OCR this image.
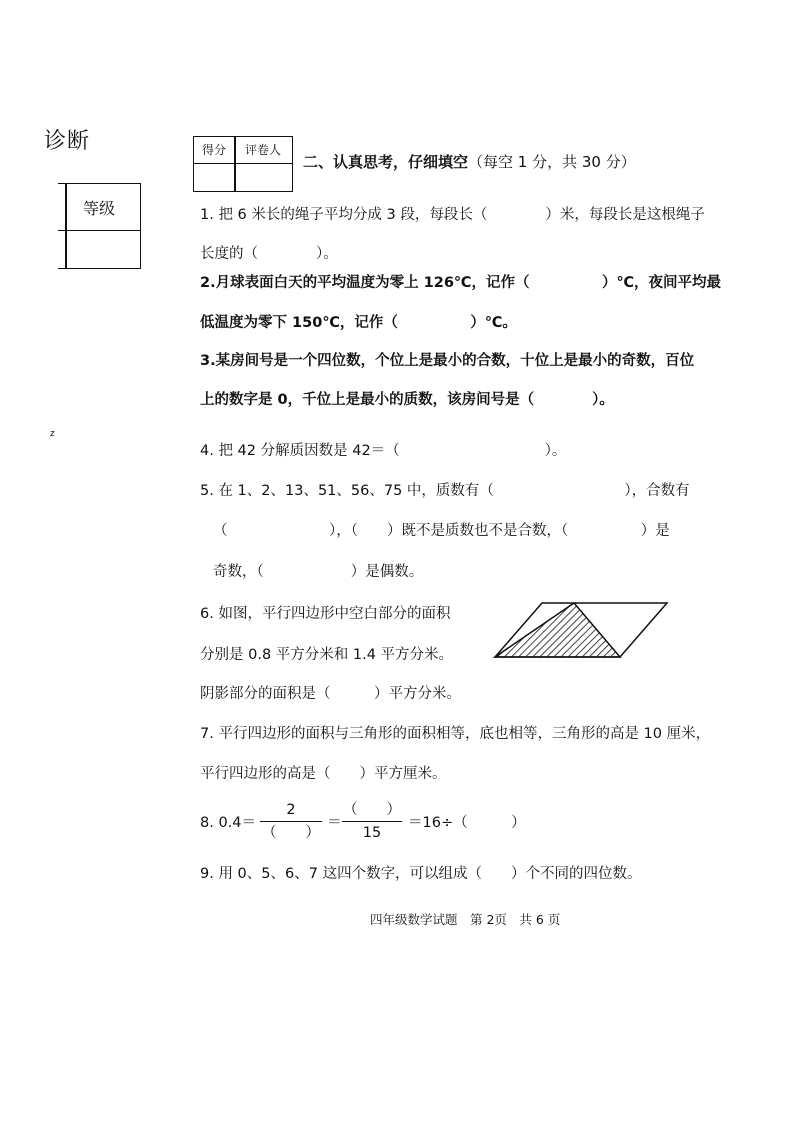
诊断
等级
z
得分	评卷人
二、认真思考，仔细填空（每空 1 分，共 30 分）
1. 把 6 米长的绳子平均分成 3 段，每段长（　　　　）米，每段长是这根绳子
长度的（　　　　）。
2.月球表面白天的平均温度为零上 126℃，记作（　　　　　）℃，夜间平均最
低温度为零下 150℃，记作（　　　　　）℃。
3.某房间号是一个四位数，个位上是最小的合数，十位上是最小的奇数，百位
上的数字是 0，千位上是最小的质数，该房间号是（　　　　）。
4. 把 42 分解质因数是 42＝（　　　　　　　　　　）。
5. 在 1、2、13、51、56、75 中，质数有（　　　　　　　　　），合数有
（　　　　　　　），（　　）既不是质数也不是合数，（　　　　　）是
奇数，（　　　　　　）是偶数。
6. 如图，平行四边形中空白部分的面积
分别是 0.8 平方分米和 1.4 平方分米。
阴影部分的面积是（　　　）平方分米。
7. 平行四边形的面积与三角形的面积相等，底也相等，三角形的高是 10 厘米，
平行四边形的高是（　　）平方厘米。
8. 0.4＝
2
（　　）
＝
（　　）
15
＝16÷（　　　）
9. 用 0、5、6、7 这四个数字，可以组成（　　）个不同的四位数。
四年级数学试题　第 2页　共 6 页
